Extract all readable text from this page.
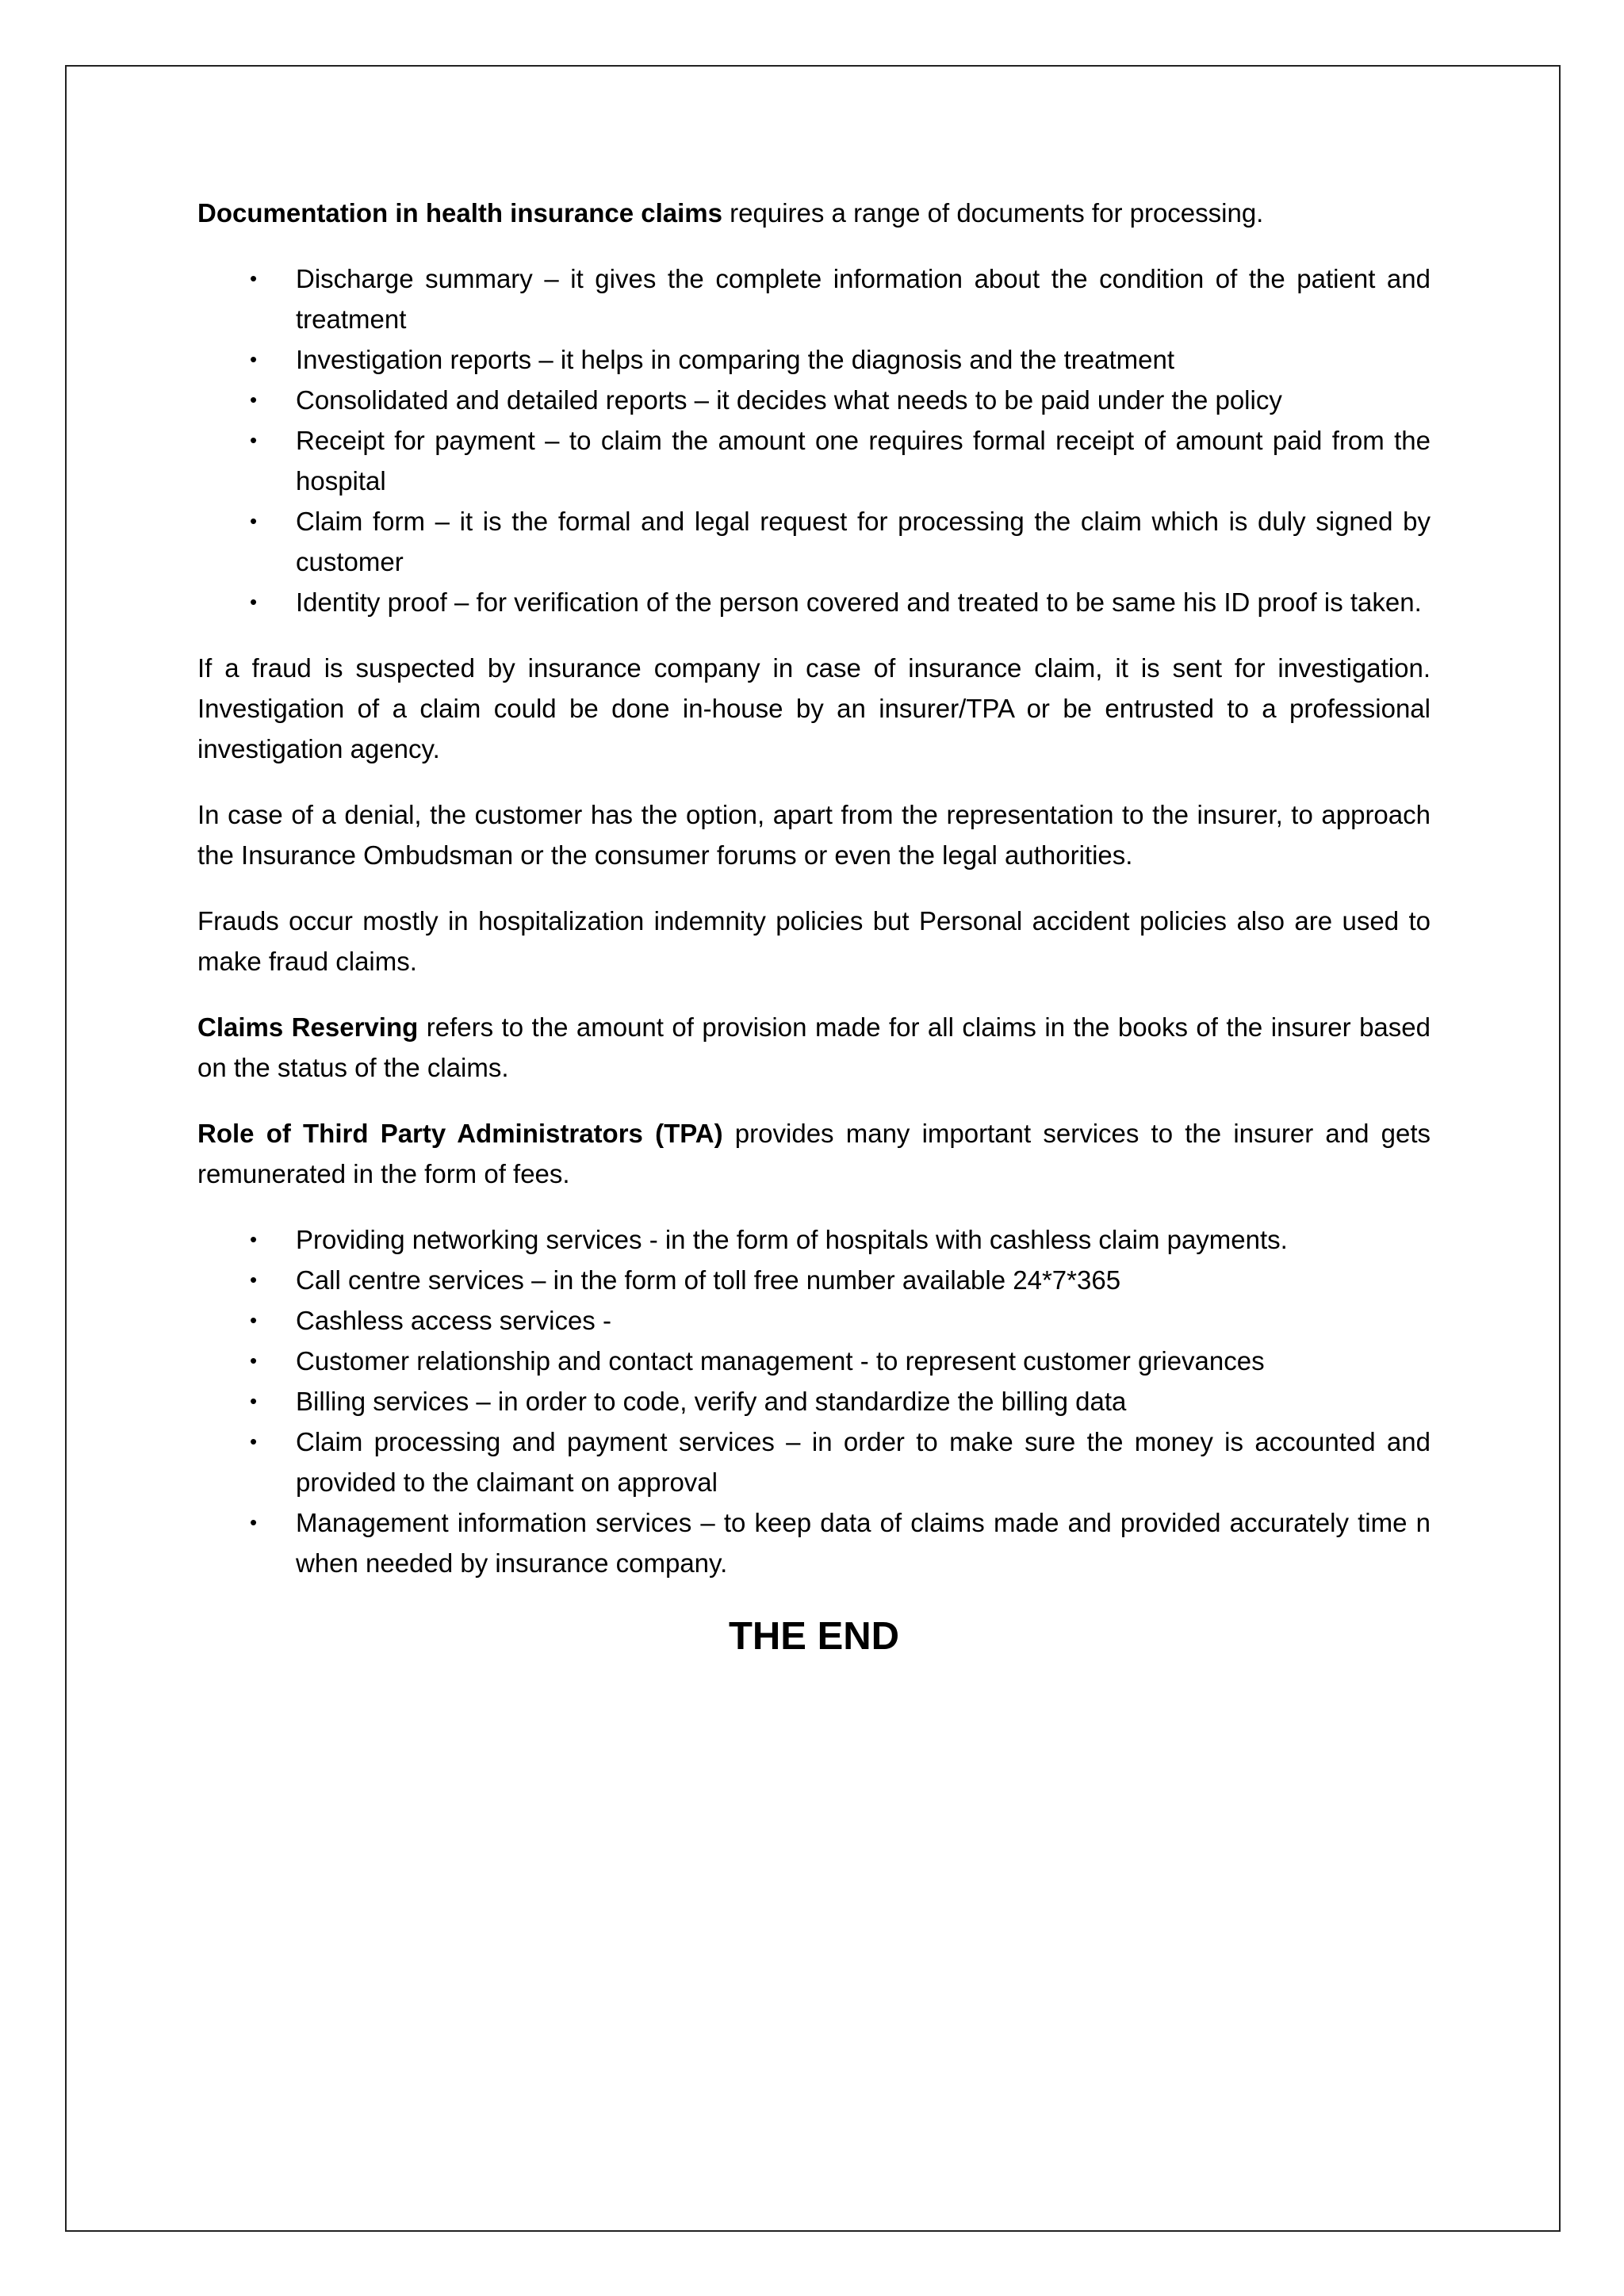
Documentation in health insurance claims requires a range of documents for processing.

• Discharge summary – it gives the complete information about the condition of the patient and treatment
• Investigation reports – it helps in comparing the diagnosis and the treatment
• Consolidated and detailed reports – it decides what needs to be paid under the policy
• Receipt for payment – to claim the amount one requires formal receipt of amount paid from the hospital
• Claim form – it is the formal and legal request for processing the claim which is duly signed by customer
• Identity proof – for verification of the person covered and treated to be same his ID proof is taken.

If a fraud is suspected by insurance company in case of insurance claim, it is sent for investigation. Investigation of a claim could be done in-house by an insurer/TPA or be entrusted to a professional investigation agency.

In case of a denial, the customer has the option, apart from the representation to the insurer, to approach the Insurance Ombudsman or the consumer forums or even the legal authorities.

Frauds occur mostly in hospitalization indemnity policies but Personal accident policies also are used to make fraud claims.

Claims Reserving refers to the amount of provision made for all claims in the books of the insurer based on the status of the claims.

Role of Third Party Administrators (TPA) provides many important services to the insurer and gets remunerated in the form of fees.

• Providing networking services - in the form of hospitals with cashless claim payments.
• Call centre services – in the form of toll free number available 24*7*365
• Cashless access services -
• Customer relationship and contact management - to represent customer grievances
• Billing services – in order to code, verify and standardize the billing data
• Claim processing and payment services – in order to make sure the money is accounted and provided to the claimant on approval
• Management information services – to keep data of claims made and provided accurately time n when needed by insurance company.
THE END
